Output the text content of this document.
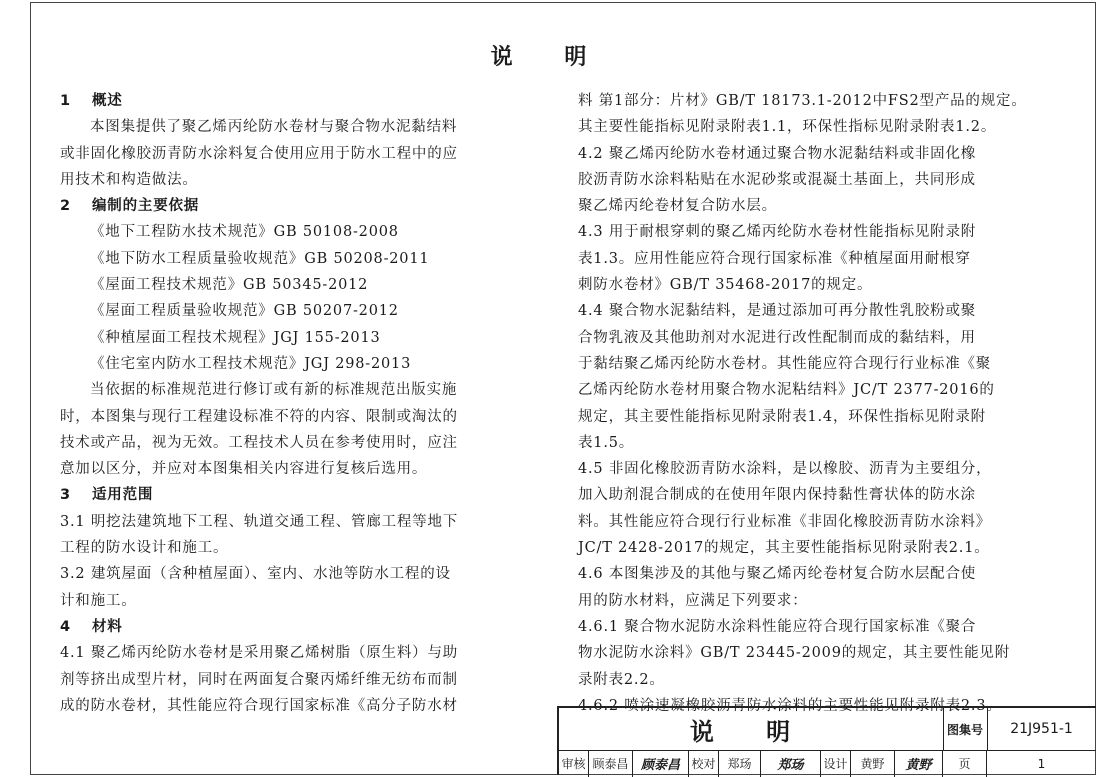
说 明
1 概述
本图集提供了聚乙烯丙纶防水卷材与聚合物水泥黏结料
或非固化橡胶沥青防水涂料复合使用应用于防水工程中的应
用技术和构造做法。
2 编制的主要依据
《地下工程防水技术规范》GB 50108-2008
《地下防水工程质量验收规范》GB 50208-2011
《屋面工程技术规范》GB 50345-2012
《屋面工程质量验收规范》GB 50207-2012
《种植屋面工程技术规程》JGJ 155-2013
《住宅室内防水工程技术规范》JGJ 298-2013
当依据的标准规范进行修订或有新的标准规范出版实施
时，本图集与现行工程建设标准不符的内容、限制或淘汰的
技术或产品，视为无效。工程技术人员在参考使用时，应注
意加以区分，并应对本图集相关内容进行复核后选用。
3 适用范围
3.1 明挖法建筑地下工程、轨道交通工程、管廊工程等地下
工程的防水设计和施工。
3.2 建筑屋面（含种植屋面）、室内、水池等防水工程的设
计和施工。
4 材料
4.1 聚乙烯丙纶防水卷材是采用聚乙烯树脂（原生料）与助
剂等挤出成型片材，同时在两面复合聚丙烯纤维无纺布而制
成的防水卷材，其性能应符合现行国家标准《高分子防水材
料 第1部分：片材》GB/T 18173.1-2012中FS2型产品的规定。
其主要性能指标见附录附表1.1，环保性指标见附录附表1.2。
4.2 聚乙烯丙纶防水卷材通过聚合物水泥黏结料或非固化橡
胶沥青防水涂料粘贴在水泥砂浆或混凝土基面上，共同形成
聚乙烯丙纶卷材复合防水层。
4.3 用于耐根穿刺的聚乙烯丙纶防水卷材性能指标见附录附
表1.3。应用性能应符合现行国家标准《种植屋面用耐根穿
刺防水卷材》GB/T 35468-2017的规定。
4.4 聚合物水泥黏结料，是通过添加可再分散性乳胶粉或聚
合物乳液及其他助剂对水泥进行改性配制而成的黏结料，用
于黏结聚乙烯丙纶防水卷材。其性能应符合现行行业标准《聚
乙烯丙纶防水卷材用聚合物水泥粘结料》JC/T 2377-2016的
规定，其主要性能指标见附录附表1.4，环保性指标见附录附
表1.5。
4.5 非固化橡胶沥青防水涂料，是以橡胶、沥青为主要组分，
加入助剂混合制成的在使用年限内保持黏性膏状体的防水涂
料。其性能应符合现行行业标准《非固化橡胶沥青防水涂料》
JC/T 2428-2017的规定，其主要性能指标见附录附表2.1。
4.6 本图集涉及的其他与聚乙烯丙纶卷材复合防水层配合使
用的防水材料，应满足下列要求：
4.6.1 聚合物水泥防水涂料性能应符合现行国家标准《聚合
物水泥防水涂料》GB/T 23445-2009的规定，其主要性能见附
录附表2.2。
4.6.2 喷涂速凝橡胶沥青防水涂料的主要性能见附录附表2.3。
说 明	图集号	21J951-1
审核 顾泰昌 顾泰昌 校对 郑玚	郑玚	设计	黄野	黄野	页	1
